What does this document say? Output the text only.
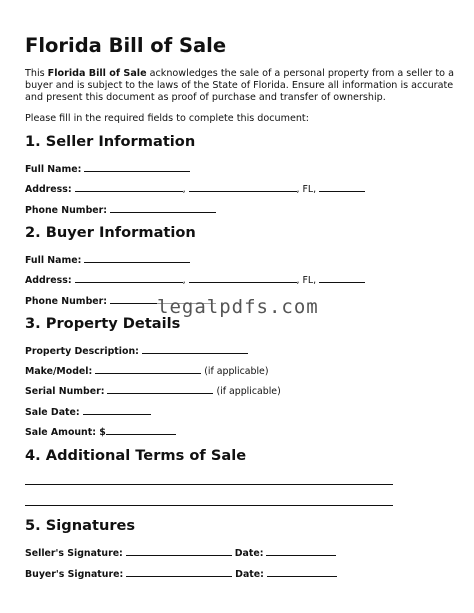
Florida Bill of Sale
This Florida Bill of Sale acknowledges the sale of a personal property from a seller to a buyer and is subject to the laws of the State of Florida. Ensure all information is accurate and present this document as proof of purchase and transfer of ownership.
Please fill in the required fields to complete this document:
1. Seller Information
Full Name:
Address:	,	, FL,
Phone Number:
2. Buyer Information
Full Name:
Address:	,	, FL,
Phone Number:	legalpdfs.com
3. Property Details
Property Description:
Make/Model:	(if applicable)
Serial Number:	(if applicable)
Sale Date:
Sale Amount: $
4. Additional Terms of Sale
5. Signatures
Seller's Signature:	Date:
Buyer's Signature:	Date:
